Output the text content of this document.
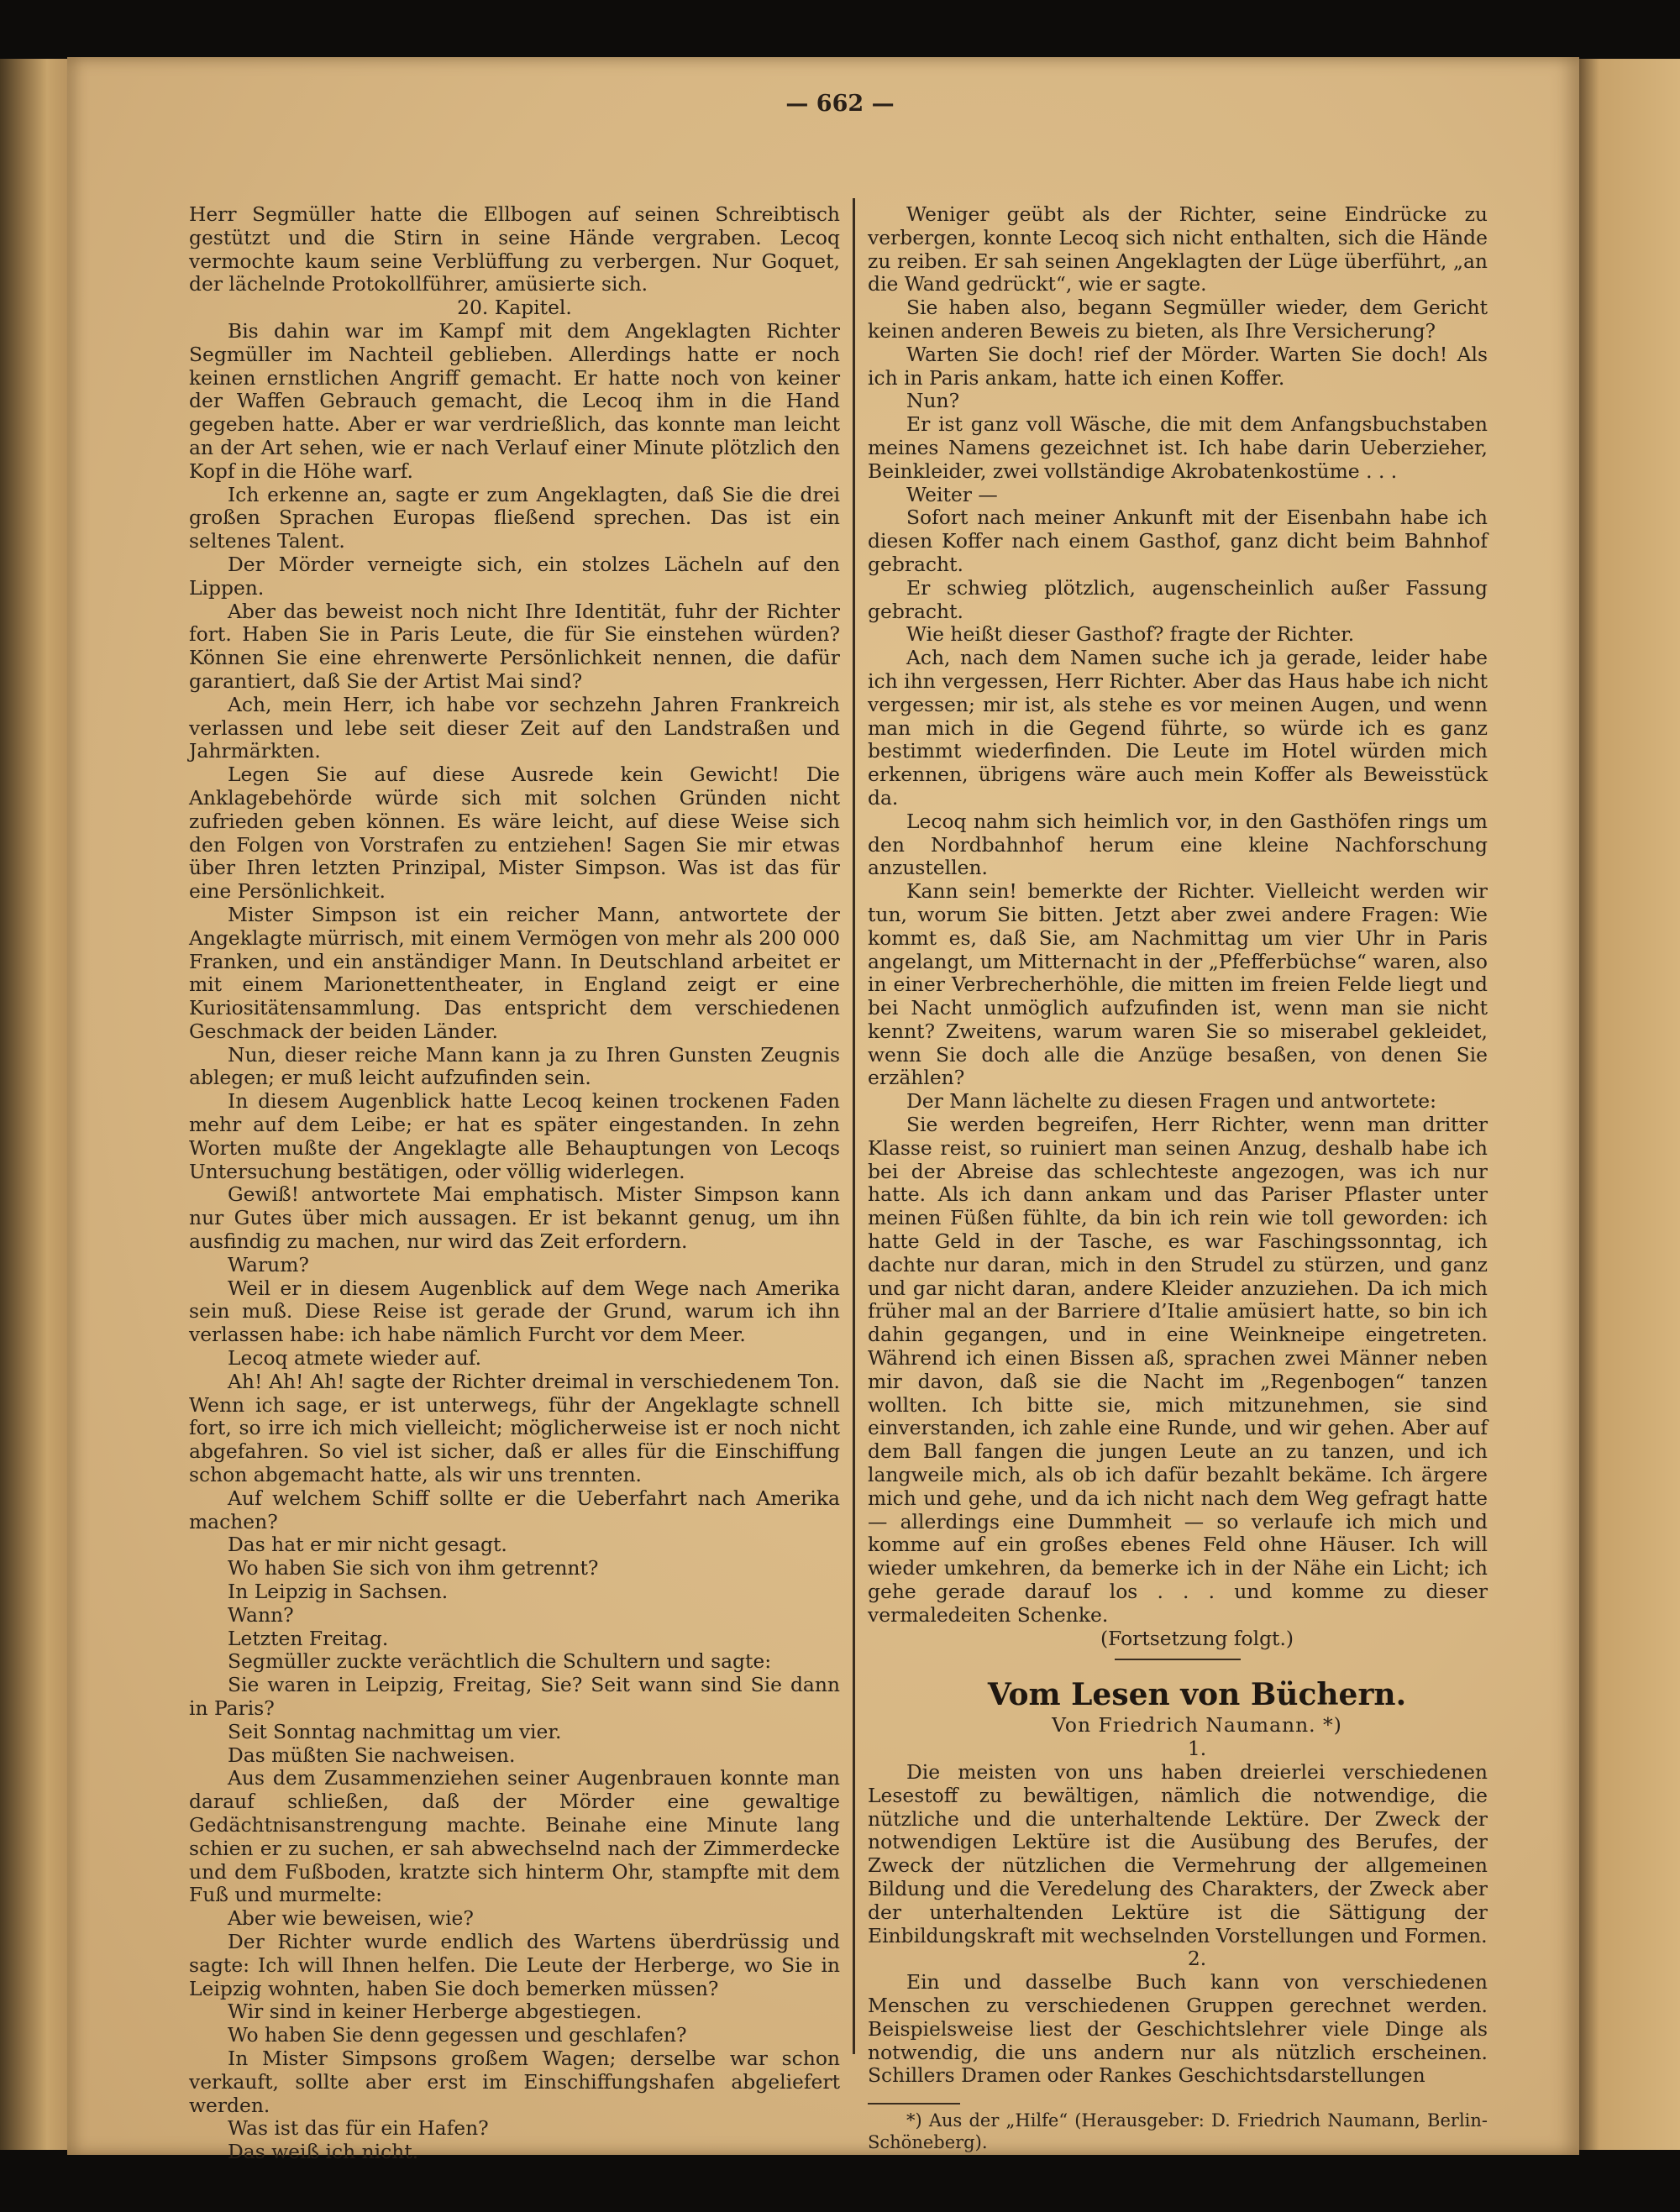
— 662 —

Herr Segmüller hatte die Ellbogen auf seinen Schreibtisch gestützt und die Stirn in seine Hände vergraben. Lecoq vermochte kaum seine Verblüffung zu verbergen. Nur Goquet, der lächelnde Protokollführer, amüsierte sich.

20. Kapitel.

Bis dahin war im Kampf mit dem Angeklagten Richter Segmüller im Nachteil geblieben. Allerdings hatte er noch keinen ernstlichen Angriff gemacht. Er hatte noch von keiner der Waffen Gebrauch gemacht, die Lecoq ihm in die Hand gegeben hatte. Aber er war verdrießlich, das konnte man leicht an der Art sehen, wie er nach Verlauf einer Minute plötzlich den Kopf in die Höhe warf.

Ich erkenne an, sagte er zum Angeklagten, daß Sie die drei großen Sprachen Europas fließend sprechen. Das ist ein seltenes Talent.

Der Mörder verneigte sich, ein stolzes Lächeln auf den Lippen.

Aber das beweist noch nicht Ihre Identität, fuhr der Richter fort. Haben Sie in Paris Leute, die für Sie einstehen würden? Können Sie eine ehrenwerte Persönlichkeit nennen, die dafür garantiert, daß Sie der Artist Mai sind?

Ach, mein Herr, ich habe vor sechzehn Jahren Frankreich verlassen und lebe seit dieser Zeit auf den Landstraßen und Jahrmärkten.

Legen Sie auf diese Ausrede kein Gewicht! Die Anklagebehörde würde sich mit solchen Gründen nicht zufrieden geben können. Es wäre leicht, auf diese Weise sich den Folgen von Vorstrafen zu entziehen! Sagen Sie mir etwas über Ihren letzten Prinzipal, Mister Simpson. Was ist das für eine Persönlichkeit.

Mister Simpson ist ein reicher Mann, antwortete der Angeklagte mürrisch, mit einem Vermögen von mehr als 200 000 Franken, und ein anständiger Mann. In Deutschland arbeitet er mit einem Marionettentheater, in England zeigt er eine Kuriositätensammlung. Das entspricht dem verschiedenen Geschmack der beiden Länder.

Nun, dieser reiche Mann kann ja zu Ihren Gunsten Zeugnis ablegen; er muß leicht aufzufinden sein.

In diesem Augenblick hatte Lecoq keinen trockenen Faden mehr auf dem Leibe; er hat es später eingestanden. In zehn Worten mußte der Angeklagte alle Behauptungen von Lecoqs Untersuchung bestätigen, oder völlig widerlegen.

Gewiß! antwortete Mai emphatisch. Mister Simpson kann nur Gutes über mich aussagen. Er ist bekannt genug, um ihn ausfindig zu machen, nur wird das Zeit erfordern.

Warum?

Weil er in diesem Augenblick auf dem Wege nach Amerika sein muß. Diese Reise ist gerade der Grund, warum ich ihn verlassen habe: ich habe nämlich Furcht vor dem Meer.

Lecoq atmete wieder auf.

Ah! Ah! Ah! sagte der Richter dreimal in verschiedenem Ton. Wenn ich sage, er ist unterwegs, führ der Angeklagte schnell fort, so irre ich mich vielleicht; möglicherweise ist er noch nicht abgefahren. So viel ist sicher, daß er alles für die Einschiffung schon abgemacht hatte, als wir uns trennten.

Auf welchem Schiff sollte er die Ueberfahrt nach Amerika machen?

Das hat er mir nicht gesagt.

Wo haben Sie sich von ihm getrennt?

In Leipzig in Sachsen.

Wann?

Letzten Freitag.

Segmüller zuckte verächtlich die Schultern und sagte:

Sie waren in Leipzig, Freitag, Sie? Seit wann sind Sie dann in Paris?

Seit Sonntag nachmittag um vier.

Das müßten Sie nachweisen.

Aus dem Zusammenziehen seiner Augenbrauen konnte man darauf schließen, daß der Mörder eine gewaltige Gedächtnisanstrengung machte. Beinahe eine Minute lang schien er zu suchen, er sah abwechselnd nach der Zimmerdecke und dem Fußboden, kratzte sich hinterm Ohr, stampfte mit dem Fuß und murmelte:

Aber wie beweisen, wie?

Der Richter wurde endlich des Wartens überdrüssig und sagte: Ich will Ihnen helfen. Die Leute der Herberge, wo Sie in Leipzig wohnten, haben Sie doch bemerken müssen?

Wir sind in keiner Herberge abgestiegen.

Wo haben Sie denn gegessen und geschlafen?

In Mister Simpsons großem Wagen; derselbe war schon verkauft, sollte aber erst im Einschiffungshafen abgeliefert werden.

Was ist das für ein Hafen?

Das weiß ich nicht.

Weniger geübt als der Richter, seine Eindrücke zu verbergen, konnte Lecoq sich nicht enthalten, sich die Hände zu reiben. Er sah seinen Angeklagten der Lüge überführt, „an die Wand gedrückt“, wie er sagte.

Sie haben also, begann Segmüller wieder, dem Gericht keinen anderen Beweis zu bieten, als Ihre Versicherung?

Warten Sie doch! rief der Mörder. Warten Sie doch! Als ich in Paris ankam, hatte ich einen Koffer.

Nun?

Er ist ganz voll Wäsche, die mit dem Anfangsbuchstaben meines Namens gezeichnet ist. Ich habe darin Ueberzieher, Beinkleider, zwei vollständige Akrobatenkostüme . . .

Weiter —

Sofort nach meiner Ankunft mit der Eisenbahn habe ich diesen Koffer nach einem Gasthof, ganz dicht beim Bahnhof gebracht.

Er schwieg plötzlich, augenscheinlich außer Fassung gebracht.

Wie heißt dieser Gasthof? fragte der Richter.

Ach, nach dem Namen suche ich ja gerade, leider habe ich ihn vergessen, Herr Richter. Aber das Haus habe ich nicht vergessen; mir ist, als stehe es vor meinen Augen, und wenn man mich in die Gegend führte, so würde ich es ganz bestimmt wiederfinden. Die Leute im Hotel würden mich erkennen, übrigens wäre auch mein Koffer als Beweisstück da.

Lecoq nahm sich heimlich vor, in den Gasthöfen rings um den Nordbahnhof herum eine kleine Nachforschung anzustellen.

Kann sein! bemerkte der Richter. Vielleicht werden wir tun, worum Sie bitten. Jetzt aber zwei andere Fragen: Wie kommt es, daß Sie, am Nachmittag um vier Uhr in Paris angelangt, um Mitternacht in der „Pfefferbüchse“ waren, also in einer Verbrecherhöhle, die mitten im freien Felde liegt und bei Nacht unmöglich aufzufinden ist, wenn man sie nicht kennt? Zweitens, warum waren Sie so miserabel gekleidet, wenn Sie doch alle die Anzüge besaßen, von denen Sie erzählen?

Der Mann lächelte zu diesen Fragen und antwortete:

Sie werden begreifen, Herr Richter, wenn man dritter Klasse reist, so ruiniert man seinen Anzug, deshalb habe ich bei der Abreise das schlechteste angezogen, was ich nur hatte. Als ich dann ankam und das Pariser Pflaster unter meinen Füßen fühlte, da bin ich rein wie toll geworden: ich hatte Geld in der Tasche, es war Faschingssonntag, ich dachte nur daran, mich in den Strudel zu stürzen, und ganz und gar nicht daran, andere Kleider anzuziehen. Da ich mich früher mal an der Barriere d’Italie amüsiert hatte, so bin ich dahin gegangen, und in eine Weinkneipe eingetreten. Während ich einen Bissen aß, sprachen zwei Männer neben mir davon, daß sie die Nacht im „Regenbogen“ tanzen wollten. Ich bitte sie, mich mitzunehmen, sie sind einverstanden, ich zahle eine Runde, und wir gehen. Aber auf dem Ball fangen die jungen Leute an zu tanzen, und ich langweile mich, als ob ich dafür bezahlt bekäme. Ich ärgere mich und gehe, und da ich nicht nach dem Weg gefragt hatte — allerdings eine Dummheit — so verlaufe ich mich und komme auf ein großes ebenes Feld ohne Häuser. Ich will wieder umkehren, da bemerke ich in der Nähe ein Licht; ich gehe gerade darauf los . . . und komme zu dieser vermaledeiten Schenke.

(Fortsetzung folgt.)

Vom Lesen von Büchern.

Von Friedrich Naumann. *)

1.

Die meisten von uns haben dreierlei verschiedenen Lesestoff zu bewältigen, nämlich die notwendige, die nützliche und die unterhaltende Lektüre. Der Zweck der notwendigen Lektüre ist die Ausübung des Berufes, der Zweck der nützlichen die Vermehrung der allgemeinen Bildung und die Veredelung des Charakters, der Zweck aber der unterhaltenden Lektüre ist die Sättigung der Einbildungskraft mit wechselnden Vorstellungen und Formen.

2.

Ein und dasselbe Buch kann von verschiedenen Menschen zu verschiedenen Gruppen gerechnet werden. Beispielsweise liest der Geschichtslehrer viele Dinge als notwendig, die uns andern nur als nützlich erscheinen. Schillers Dramen oder Rankes Geschichtsdarstellungen

*) Aus der „Hilfe“ (Herausgeber: D. Friedrich Naumann, Berlin-Schöneberg).
